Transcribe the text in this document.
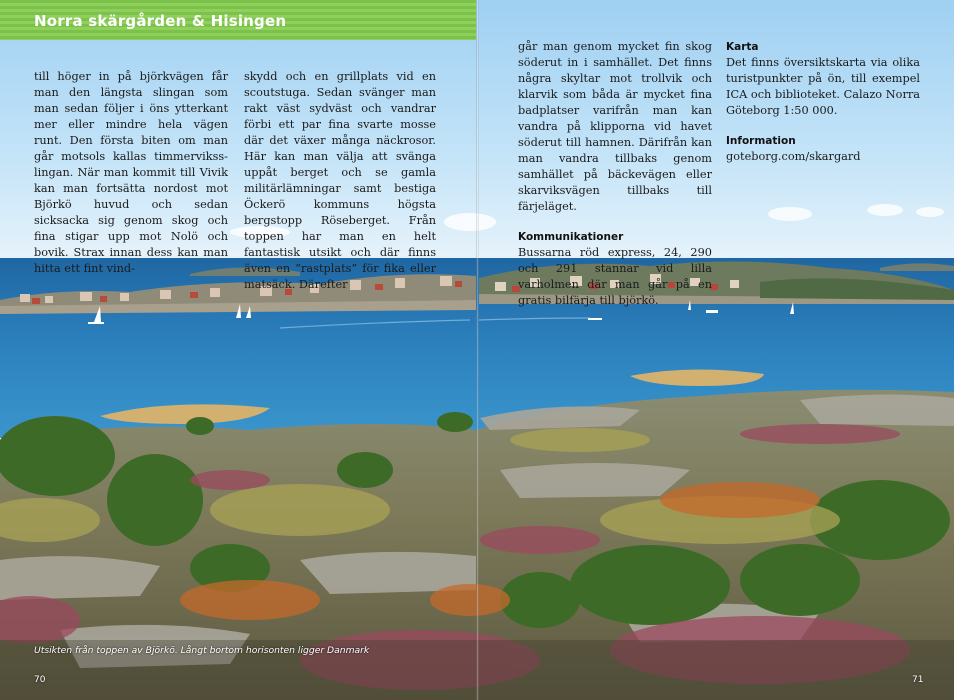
Norra skärgården & Hisingen

till höger in på björkvägen får man den längsta slingan som man sedan följer i öns ytterkant mer eller mindre hela vägen runt. Den första biten om man går motsols kallas timmerviksslingan. När man kommit till Vivik kan man fortsätta nordost mot Björkö huvud och sedan sicksacka sig genom skog och fina stigar upp mot Nolö och bovik. Strax innan dess kan man hitta ett fint vind-

skydd och en grillplats vid en scoutstuga. Sedan svänger man rakt väst sydväst och vandrar förbi ett par fina svarte mosse där det växer många näckrosor. Här kan man välja att svänga uppåt berget och se gamla militärlämningar samt bestiga Öckerö kommuns högsta bergstopp Röseberget. Från toppen har man en helt fantastisk utsikt och där finns även en ”rastplats” för fika eller matsäck. Därefter

går man genom mycket fin skog söderut in i samhället. Det finns några skyltar mot trollvik och klarvik som båda är mycket fina badplatser varifrån man kan vandra på klipporna vid havet söderut till hamnen. Därifrån kan man vandra tillbaks genom samhället på bäckevägen eller skarviksvägen tillbaks till färjeläget.

Kommunikationer

Bussarna röd express, 24, 290 och 291 stannar vid lilla varholmen där man går på en gratis bilfärja till björkö.

Karta

Det finns översiktskarta via olika turistpunkter på ön, till exempel ICA och biblioteket. Calazo Norra Göteborg 1:50 000.

Information

goteborg.com/skargard

Utsikten från toppen av Björkö. Långt bortom horisonten ligger Danmark
70	71
